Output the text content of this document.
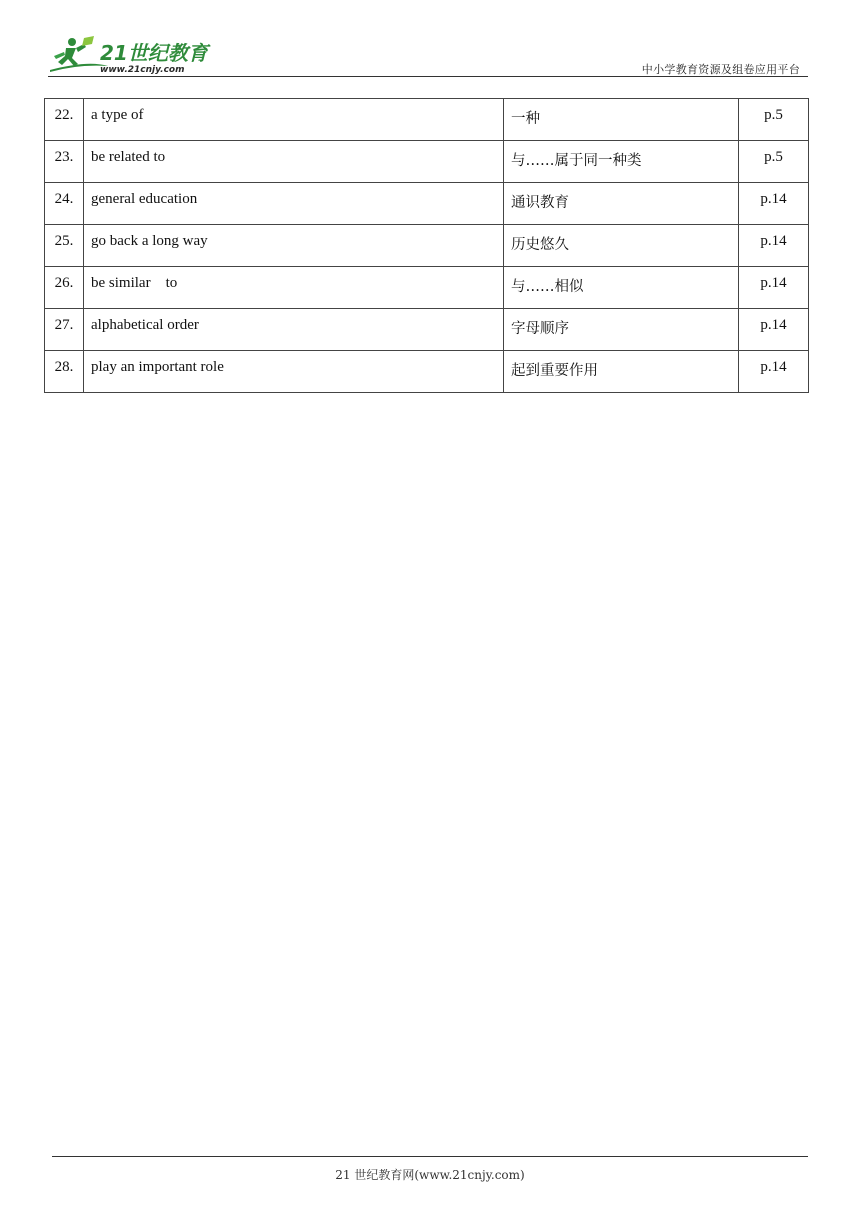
21世纪教育
www.21cnjy.com	中小学教育资源及组卷应用平台
22.	a type of	一种	p.5
23.	be related to	与……属于同一种类	p.5
24.	general education	通识教育	p.14
25.	go back a long way	历史悠久	p.14
26.	be similar    to	与……相似	p.14
27.	alphabetical order	字母顺序	p.14
28.	play an important role	起到重要作用	p.14
21 世纪教育网(www.21cnjy.com)
